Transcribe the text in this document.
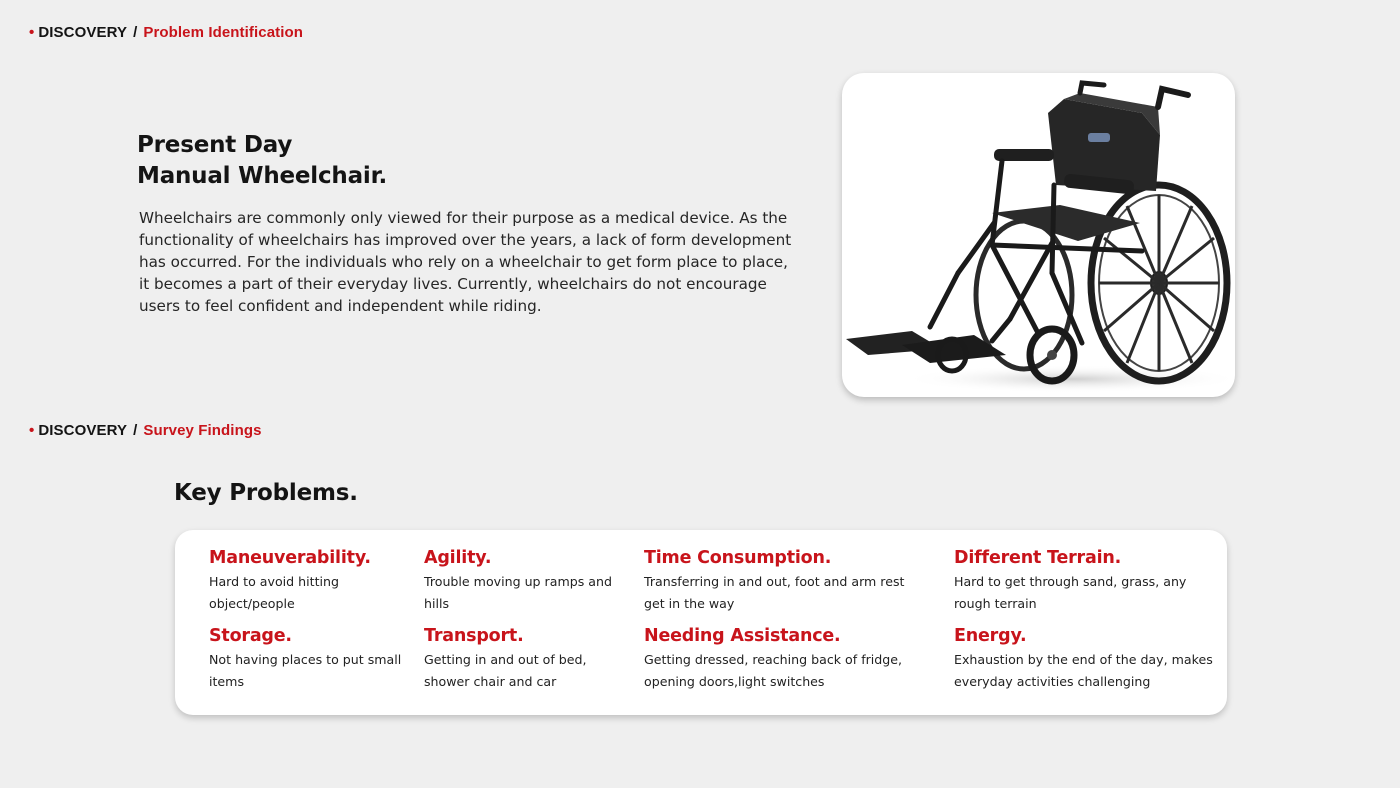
• DISCOVERY / Problem Identification
Present Day
Manual Wheelchair.

Wheelchairs are commonly only viewed for their purpose as a medical device. As the functionality of wheelchairs has improved over the years, a lack of form development has occurred. For the individuals who rely on a wheelchair to get form place to place, it becomes a part of their everyday lives. Currently, wheelchairs do not encourage users to feel confident and independent while riding.

• DISCOVERY / Survey Findings
Key Problems.
Maneuverability.
Hard to avoid hitting object/people
Agility.
Trouble moving up ramps and hills
Time Consumption.
Transferring in and out, foot and arm rest get in the way
Different Terrain.
Hard to get through sand, grass, any rough terrain
Storage.
Not having places to put small items
Transport.
Getting in and out of bed, shower chair and car
Needing Assistance.
Getting dressed, reaching back of fridge, opening doors,light switches
Energy.
Exhaustion by the end of the day, makes everyday activities challenging
